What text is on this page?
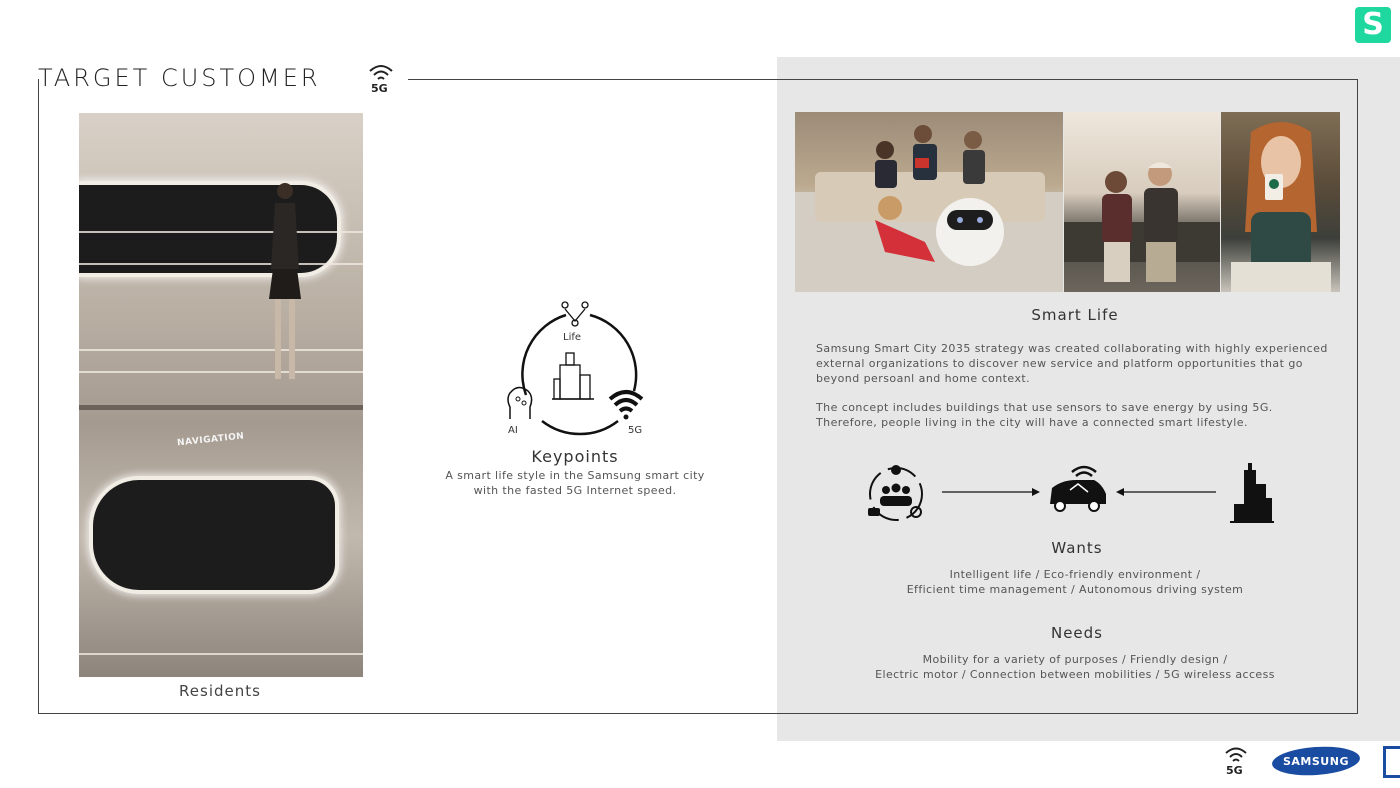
TARGET CUSTOMER	5G
S
NAVIGATION
Residents
Life
AI	5G
Keypoints
A smart life style in the Samsung smart city
with the fasted 5G Internet speed.
Smart Life
Samsung Smart City 2035 strategy was created collaborating with highly experienced external organizations to discover new service and platform opportunities that go beyond persoanl and home context.
The concept includes buildings that use sensors to save energy by using 5G. Therefore, people living in the city will have a connected smart lifestyle.
Wants
Intelligent life / Eco-friendly environment /
Efficient time management / Autonomous driving system
Needs
Mobility for a variety of purposes / Friendly design /
Electric motor / Connection between mobilities / 5G wireless access
5G
SAMSUNG
